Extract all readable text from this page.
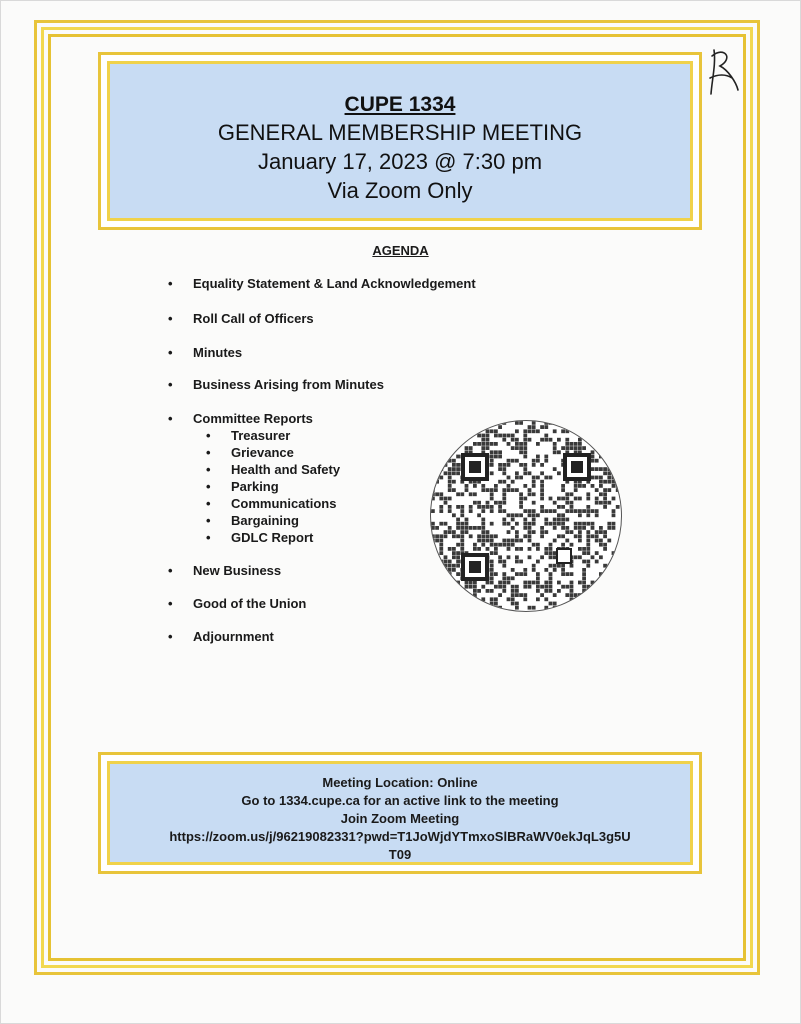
CUPE 1334
GENERAL MEMBERSHIP MEETING
January 17, 2023 @ 7:30 pm
Via Zoom Only
AGENDA
• Equality Statement & Land Acknowledgement
• Roll Call of Officers
• Minutes
• Business Arising from Minutes
• Committee Reports
• Treasurer
• Grievance
• Health and Safety
• Parking
• Communications
• Bargaining
• GDLC Report
• New Business
• Good of the Union
• Adjournment
Meeting Location: Online
Go to 1334.cupe.ca for an active link to the meeting
Join Zoom Meeting
https://zoom.us/j/96219082331?pwd=T1JoWjdYTmxoSlBRaWV0ekJqL3g5U
T09
